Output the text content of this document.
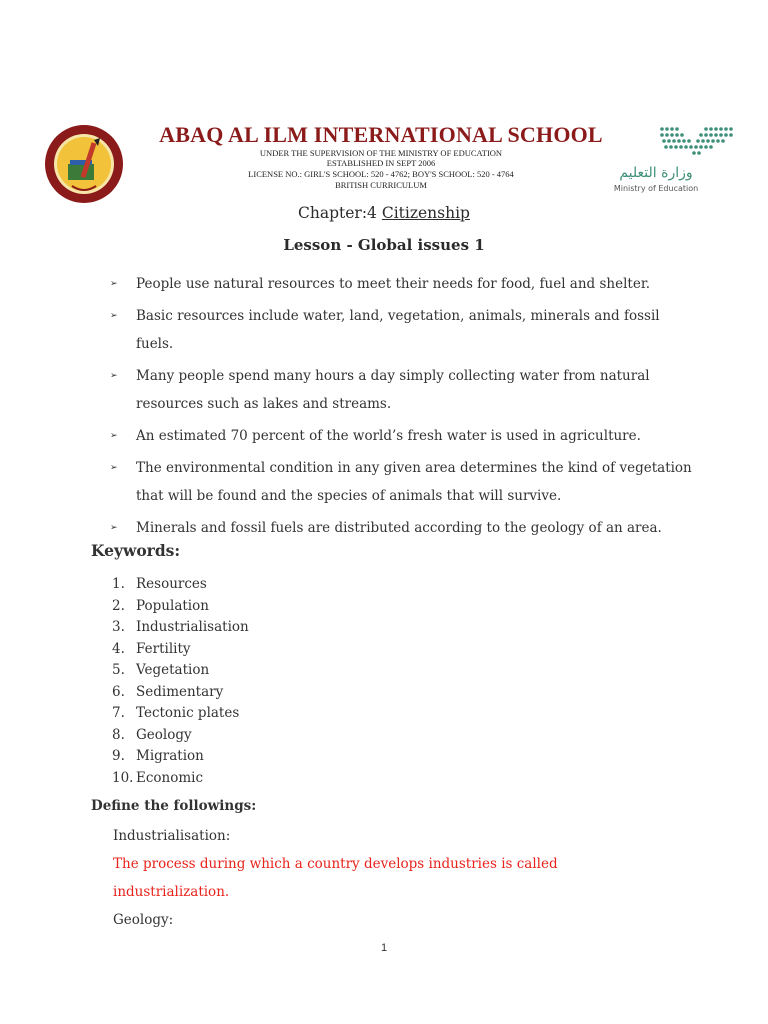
ABAQ AL ILM INTERNATIONAL SCHOOL
UNDER THE SUPERVISION OF THE MINISTRY OF EDUCATION
ESTABLISHED IN SEPT 2006
LICENSE NO.: GIRL'S SCHOOL: 520 - 4762; BOY'S SCHOOL: 520 - 4764
BRITISH CURRICULUM
وزارة التعليم
Ministry of Education
Chapter:4 Citizenship
Lesson - Global issues 1
➢ People use natural resources to meet their needs for food, fuel and shelter.
➢ Basic resources include water, land, vegetation, animals, minerals and fossil fuels.
➢ Many people spend many hours a day simply collecting water from natural resources such as lakes and streams.
➢ An estimated 70 percent of the world’s fresh water is used in agriculture.
➢ The environmental condition in any given area determines the kind of vegetation that will be found and the species of animals that will survive.
➢ Minerals and fossil fuels are distributed according to the geology of an area.
Keywords:
1. Resources
2. Population
3. Industrialisation
4. Fertility
5. Vegetation
6. Sedimentary
7. Tectonic plates
8. Geology
9. Migration
10. Economic
Define the followings:
Industrialisation:
The process during which a country develops industries is called industrialization.
Geology:
1
